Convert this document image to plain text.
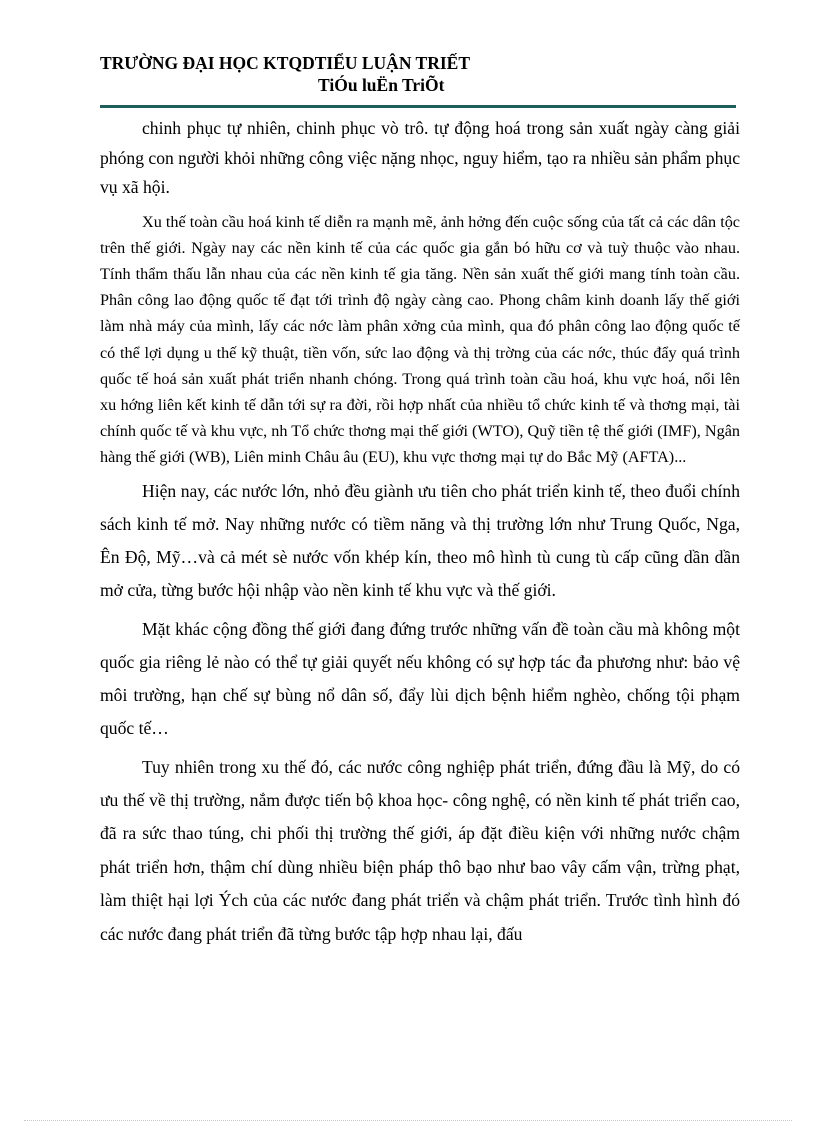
TRƯỜNG ĐẠI HỌC KTQDTIỂU LUẬN TRIẾT
TiÓu luËn TriÕt

chinh phục tự nhiên, chinh phục vò trô. tự động hoá trong sản xuất ngày càng giải phóng con người khỏi những công việc nặng nhọc, nguy hiểm, tạo ra nhiều sản phẩm phục vụ xã hội.

Xu thế toàn cầu hoá kinh tế diễn ra mạnh mẽ, ảnh hởng đến cuộc sống của tất cả các dân tộc trên thế giới. Ngày nay các nền kinh tế của các quốc gia gắn bó hữu cơ và tuỳ thuộc vào nhau. Tính thẩm thấu lẫn nhau của các nền kinh tế gia tăng. Nền sản xuất thế giới mang tính toàn cầu. Phân công lao động quốc tế đạt tới trình độ ngày càng cao. Phong châm kinh doanh lấy thế giới làm nhà máy của mình, lấy các nớc làm phân xởng của mình, qua đó phân công lao động quốc tế có thể lợi dụng u thế kỹ thuật, tiền vốn, sức lao động và thị trờng của các nớc, thúc đẩy quá trình quốc tế hoá sản xuất phát triển nhanh chóng. Trong quá trình toàn cầu hoá, khu vực hoá, nổi lên xu hớng liên kết kinh tế dẫn tới sự ra đời, rồi hợp nhất của nhiều tổ chức kinh tế và thơng mại, tài chính quốc tế và khu vực, nh Tổ chức thơng mại thế giới (WTO), Quỹ tiền tệ thế giới (IMF), Ngân hàng thế giới (WB), Liên minh Châu âu (EU), khu vực thơng mại tự do Bắc Mỹ (AFTA)...

Hiện nay, các nước lớn, nhỏ đều giành ưu tiên cho phát triển kinh tế, theo đuổi chính sách kinh tế mở. Nay những nước có tiềm năng và thị trường lớn như Trung Quốc, Nga, Ên Độ, Mỹ…và cả mét sè nước vốn khép kín, theo mô hình tù cung tù cấp cũng dần dần mở cửa, từng bước hội nhập vào nền kinh tế khu vực và thế giới.

Mặt khác cộng đồng thế giới đang đứng trước những vấn đề toàn cầu mà không một quốc gia riêng lẻ nào có thể tự giải quyết nếu không có sự hợp tác đa phương như: bảo vệ môi trường, hạn chế sự bùng nổ dân số, đẩy lùi dịch bệnh hiểm nghèo, chống tội phạm quốc tế…

Tuy nhiên trong xu thế đó, các nước công nghiệp phát triển, đứng đầu là Mỹ, do có ưu thế về thị trường, nắm được tiến bộ khoa học- công nghệ, có nền kinh tế phát triển cao, đã ra sức thao túng, chi phối thị trường thế giới, áp đặt điều kiện với những nước chậm phát triển hơn, thậm chí dùng nhiều biện pháp thô bạo như bao vây cấm vận, trừng phạt, làm thiệt hại lợi Ých của các nước đang phát triển và chậm phát triển. Trước tình hình đó các nước đang phát triển đã từng bước tập hợp nhau lại, đấu
